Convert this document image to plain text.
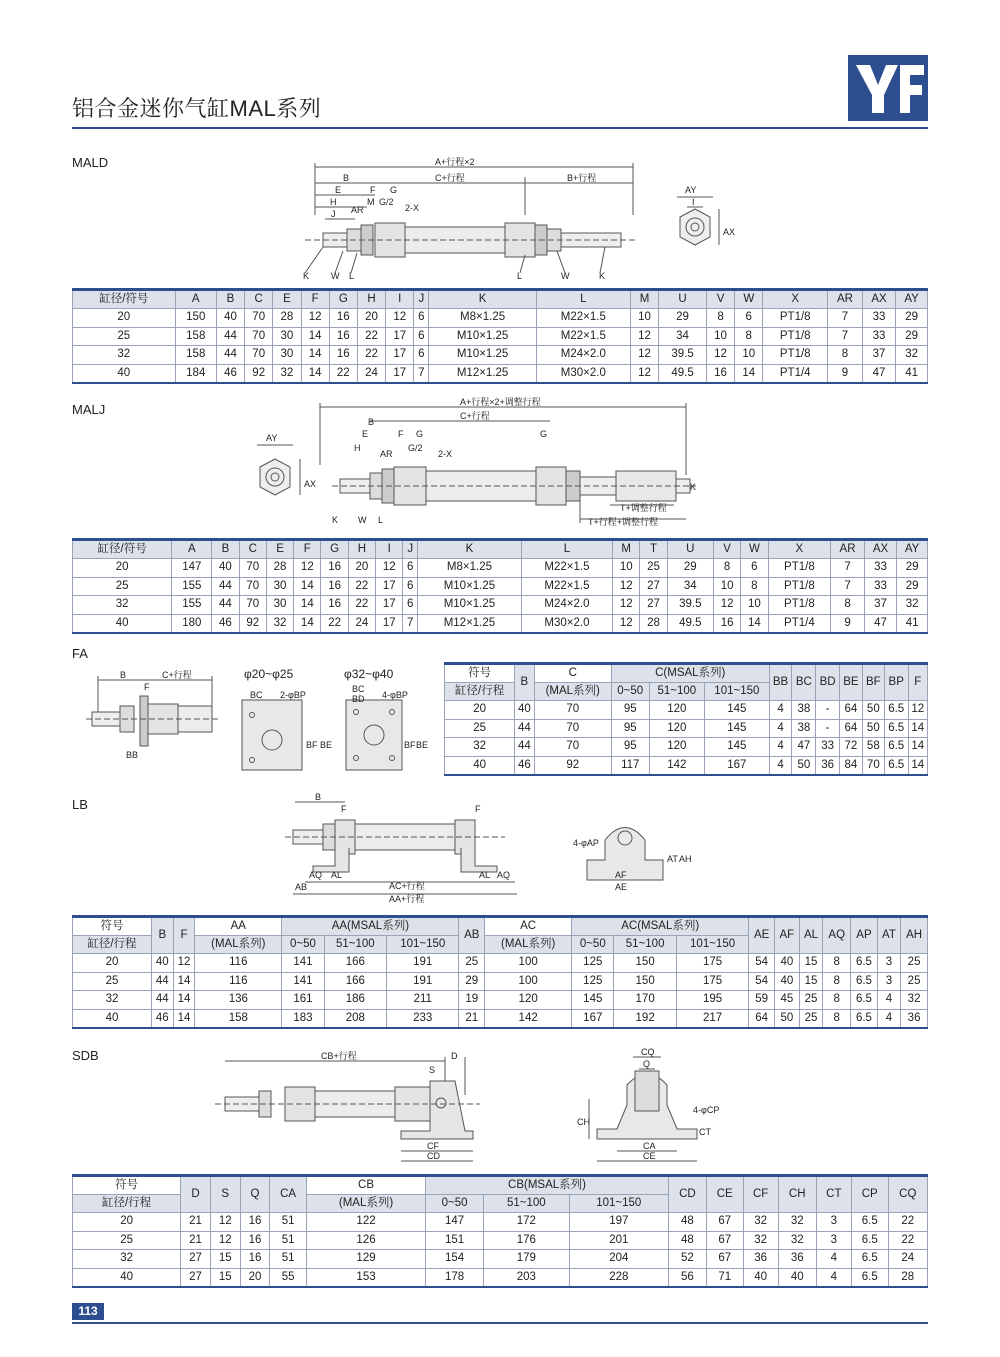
铝合金迷你气缸MAL系列
MALD	A+行程×2
C+行程	B+行程
B
E	F G
H	M G/2
2-X
J AR
K W L	L	W	K
AY
I
AX
缸径/符号	A	B	C	E	F	G	H	I	J	K	L	M	U	V	W	X	AR	AX	AY
20	150	40	70	28	12	16	20	12	6	M8×1.25	M22×1.5	10	29	8	6	PT1/8	7	33	29
25	158	44	70	30	14	16	22	17	6	M10×1.25	M22×1.5	12	34	10	8	PT1/8	7	33	29
32	158	44	70	30	14	16	22	17	6	M10×1.25	M24×2.0	12	39.5	12	10	PT1/8	8	37	32
40	184	46	92	32	14	22	24	17	7	M12×1.25	M30×2.0	12	49.5	16	14	PT1/4	9	47	41
MALJ	A+行程×2+调整行程
C+行程
2-X
T+调整行程
T+行程+调整行程
AY
AX
B
E	F G
H	G/2
AR
K W L
G
K
缸径/符号	A	B	C	E	F	G	H	I	J	K	L	M	T	U	V	W	X	AR	AX	AY
20	147	40	70	28	12	16	20	12	6	M8×1.25	M22×1.5	10	25	29	8	6	PT1/8	7	33	29
25	155	44	70	30	14	16	22	17	6	M10×1.25	M22×1.5	12	27	34	10	8	PT1/8	7	33	29
32	155	44	70	30	14	16	22	17	6	M10×1.25	M24×2.0	12	27	39.5	12	10	PT1/8	8	37	32
40	180	46	92	32	14	22	24	17	7	M12×1.25	M30×2.0	12	28	49.5	16	14	PT1/4	9	47	41
FA
B	C+行程
F
BB
φ20~φ25	φ32~φ40
BC 2-φBP
BC
BD 4-φBP
BF BE	BF BE
符号	B	C	C(MSAL系列)			BB	BC	BD	BE	BF	BP	F
缸径/行程		(MAL系列)	0~50	51~100	101~150							
20	40	70	95	120	145	4	38	-	64	50	6.5	12
25	44	70	95	120	145	4	38	-	64	50	6.5	14
32	44	70	95	120	145	4	47	33	72	58	6.5	14
40	46	92	117	142	167	4	50	36	84	70	6.5	14
LB	B
F	F
AQ AL	AL AQ
AB	AC+行程
AA+行程
4-φAP
AF
AE
AT AH
符号	B	F	AA	AA(MSAL系列)			AB	AC	AC(MSAL系列)			AE	AF	AL	AQ	AP	AT	AH
缸径/行程			(MAL系列)	0~50	51~100	101~150		(MAL系列)	0~50	51~100	101~150							
20	40	12	116	141	166	191	25	100	125	150	175	54	40	15	8	6.5	3	25
25	44	14	116	141	166	191	29	100	125	150	175	54	40	15	8	6.5	3	25
32	44	14	136	161	186	211	19	120	145	170	195	59	45	25	8	6.5	4	32
40	46	14	158	183	208	233	21	142	167	192	217	64	50	25	8	6.5	4	36
SDB	CB+行程	D
S
CF
CD
CQ
Q
CH
CA
CE
CT
4-φCP
符号	D	S	Q	CA	CB	CB(MSAL系列)			CD	CE	CF	CH	CT	CP	CQ
缸径/行程					(MAL系列)	0~50	51~100	101~150							
20	21	12	16	51	122	147	172	197	48	67	32	32	3	6.5	22
25	21	12	16	51	126	151	176	201	48	67	32	32	3	6.5	22
32	27	15	16	51	129	154	179	204	52	67	36	36	4	6.5	24
40	27	15	20	55	153	178	203	228	56	71	40	40	4	6.5	28
113
